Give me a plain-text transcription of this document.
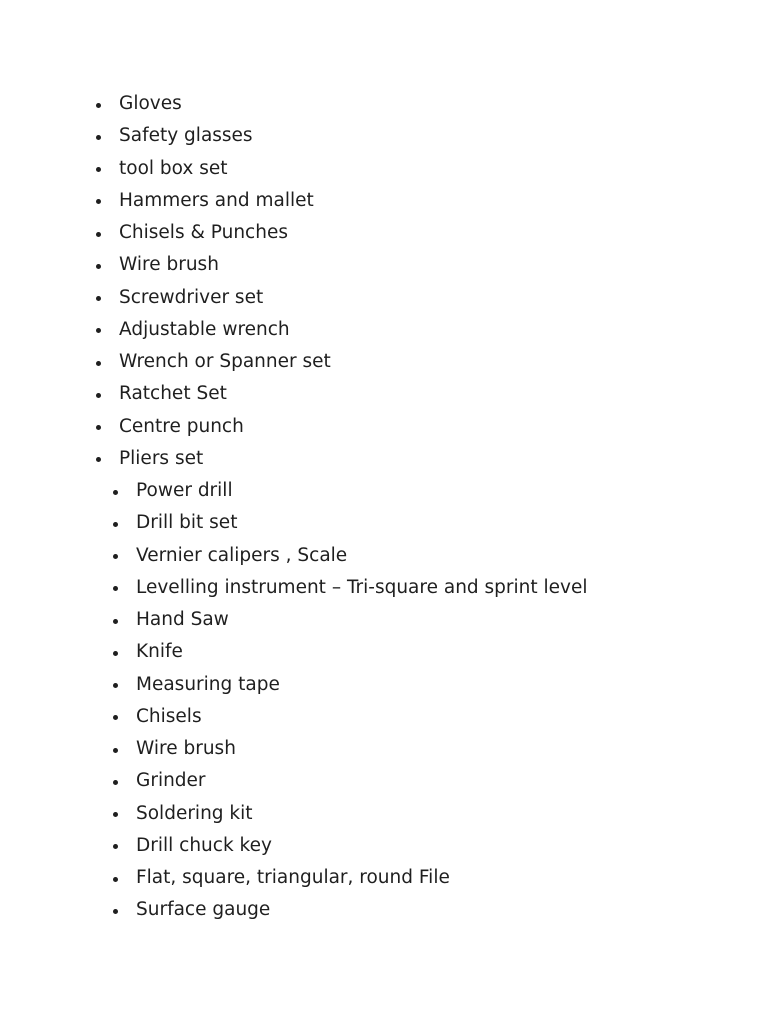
Gloves
Safety glasses
tool box set
Hammers and mallet
Chisels & Punches
Wire brush
Screwdriver set
Adjustable wrench
Wrench or Spanner set
Ratchet Set
Centre punch
Pliers set
Power drill
Drill bit set
Vernier calipers , Scale
Levelling instrument – Tri-square and sprint level
Hand Saw
Knife
Measuring tape
Chisels
Wire brush
Grinder
Soldering kit
Drill chuck key
Flat, square, triangular, round File
Surface gauge
